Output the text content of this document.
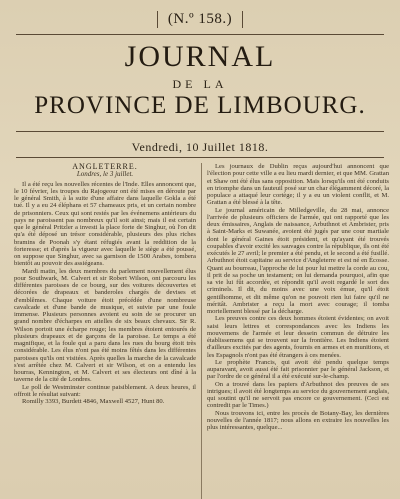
(N.º 158.)
JOURNAL
DE LA
PROVINCE DE LIMBOURG.
Vendredi, 10 Juillet 1818.
ANGLETERRE.
Londres, le 3 juillet.

Il a été reçu les nouvelles récentes de l'Inde. Elles annoncent que, le 10 février, les troupes du Rajogeour ont été mises en déroute par le général Smith, à la suite d'une affaire dans laquelle Gokla a été tué. Il y a eu 24 éléphans et 57 chameaux pris, et un certain nombre de prisonniers. Ceux qui sont restés par les événemens antérieurs du pays ne paroissent pas nombreux qu'il soit ainsi; mais il est certain que le général Pritzler a investi la place forte de Singhur, où l'on dit qu'a été déposé un trésor considérable, plusieurs des plus riches bramins de Poonah s'y étant réfugiés avant la reddition de la forteresse; et d'après la vigueur avec laquelle le siège a été poussé, on suppose que Singhur, avec sa garnison de 1500 Arabes, tombera bientôt au pouvoir des assiégeans.

Mardi matin, les deux membres du parlement nouvellement élus pour Southwark, M. Calvert et sir Robert Wilson, ont parcouru les différentes paroisses de ce bourg, sur des voitures découvertes et décorées de drapeaux et banderoles chargés de devises et d'emblêmes. Chaque voiture étoit précédée d'une nombreuse cavalcade et d'une bande de musique, et suivie par une foule immense. Plusieurs personnes avoient eu soin de se procurer un grand nombre d'écharpes en attelles de six beaux chevaux. Sir R. Wilson portoit une écharpe rouge; les membres étoient entourés de plusieurs drapeaux et de garçons de la paroisse. Le temps a été magnifique, et la foule qui a paru dans les rues du bourg étoit très considérable. Les élus n'ont pas été moins fêtés dans les différentes paroisses qu'ils ont visitées. Après quelles la marche de la cavalcade s'est arrêtée chez M. Calvert et sir Wilson, et on a entendu les hourras, Kennington, et M. Calvert et ses électeurs ont dîné à la taverne de la cité de Londres.

Le poll de Westminster continue paisiblement. A deux heures, il offroit le résultat suivant:

Romilly 3393, Burdett 4846, Maxwell 4527, Hunt 80.

Les journaux de Dublin reçus aujourd'hui annoncent que l'élection pour cette ville a eu lieu mardi dernier, et que MM. Grattan et Shaw ont été élus sans opposition. Mais lorsqu'ils ont été conduits en triomphe dans un fauteuil posé sur un char élégamment décoré, la populace a attaqué leur cortège; il y a eu un violent conflit, et M. Grattan a été blessé à la tête.

Le journal américain de Milledgeville, du 28 mai, annonce l'arrivée de plusieurs officiers de l'armée, qui ont rapporté que les deux émissaires, Anglais de naissance, Arbuthnot et Ambrister, pris à Saint-Marks et Suwanée, avoient été jugés par une cour martiale dont le général Gaines étoit président, et qu'ayant été trouvés coupables d'avoir excité les sauvages contre la république, ils ont été exécutés le 27 avril; le premier a été pendu, et le second a été fusillé. Arbuthnot étoit capitaine au service d'Angleterre et est né en Écosse. Quant au bourreau, l'approche de lui pour lui mettre la corde au cou, il prit de sa poche un testament; on lui demanda pourquoi, afin que sa vie lui fût accordée, et répondit qu'il avoit regardé le sort des criminels. Il dit, du moins avec une voix émue, qu'il étoit gentilhomme, et dit même qu'on ne pouvoit rien lui faire qu'il ne méritât. Ambrister a reçu la mort avec courage; il tomba mortellement blessé par la décharge.

Les preuves contre ces deux hommes étoient évidentes; on avoit saisi leurs lettres et correspondances avec les Indiens les mouvemens de l'armée et leur dessein commun de détruire les établissemens qui se trouvent sur la frontière. Les Indiens étoient d'ailleurs excités par des agents, fournis en armes et en munitions, et les Espagnols n'ont pas été étrangers à ces menées.

Le prophète Francis, qui avoit été pendu quelque temps auparavant, avoit aussi été fait prisonnier par le général Jackson, et par l'ordre de ce général il a été exécuté sur-le-champ.

On a trouvé dans les papiers d'Arbuthnot des preuves de ses intrigues; il avoit été longtemps au service du gouvernement anglais, qui soutint qu'il ne servoit pas encore ce gouvernement. (Ceci est contredit par le Times.)

Nous trouvons ici, entre les procès de Botany-Bay, les dernières nouvelles de l'année 1817; nous allons en extraire les nouvelles les plus intéressantes, quelque...
